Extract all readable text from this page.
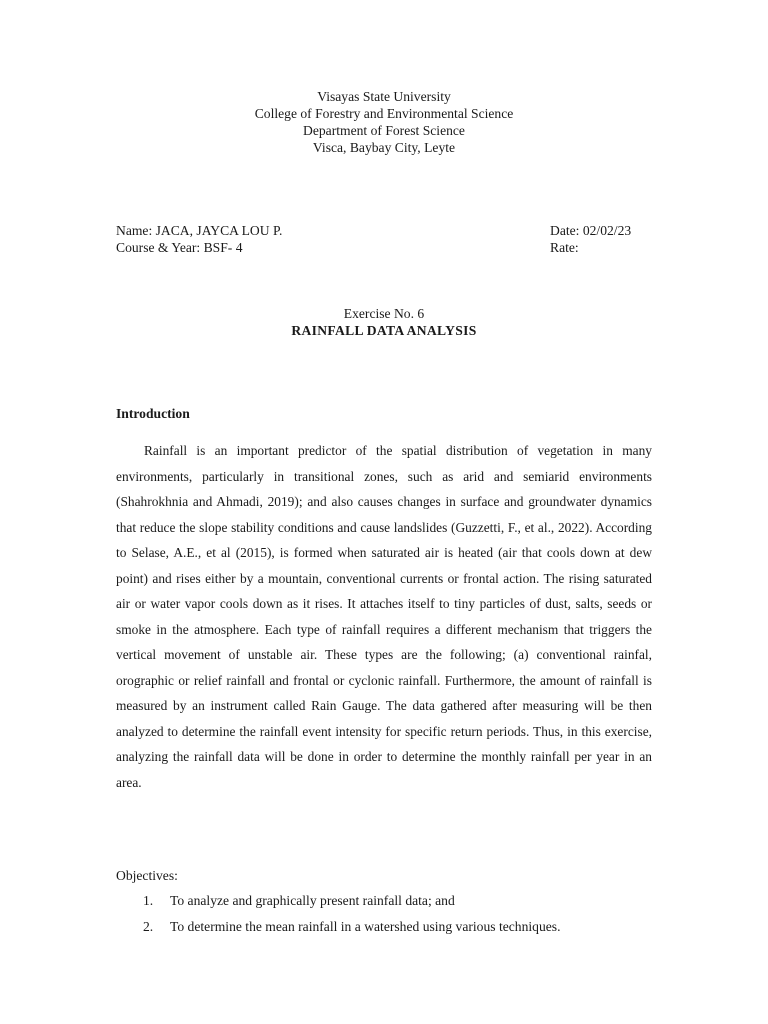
Visayas State University
College of Forestry and Environmental Science
Department of Forest Science
Visca, Baybay City, Leyte
Name: JACA, JAYCA LOU P.	Date: 02/02/23
Course & Year: BSF- 4	Rate:
Exercise No. 6
RAINFALL DATA ANALYSIS
Introduction

Rainfall is an important predictor of the spatial distribution of vegetation in many environments, particularly in transitional zones, such as arid and semiarid environments (Shahrokhnia and Ahmadi, 2019); and also causes changes in surface and groundwater dynamics that reduce the slope stability conditions and cause landslides (Guzzetti, F., et al., 2022). According to Selase, A.E., et al (2015), is formed when saturated air is heated (air that cools down at dew point) and rises either by a mountain, conventional currents or frontal action. The rising saturated air or water vapor cools down as it rises. It attaches itself to tiny particles of dust, salts, seeds or smoke in the atmosphere. Each type of rainfall requires a different mechanism that triggers the vertical movement of unstable air. These types are the following; (a) conventional rainfal, orographic or relief rainfall and frontal or cyclonic rainfall. Furthermore, the amount of rainfall is measured by an instrument called Rain Gauge. The data gathered after measuring will be then analyzed to determine the rainfall event intensity for specific return periods. Thus, in this exercise, analyzing the rainfall data will be done in order to determine the monthly rainfall per year in an area.

Objectives:
1. To analyze and graphically present rainfall data; and
2. To determine the mean rainfall in a watershed using various techniques.
